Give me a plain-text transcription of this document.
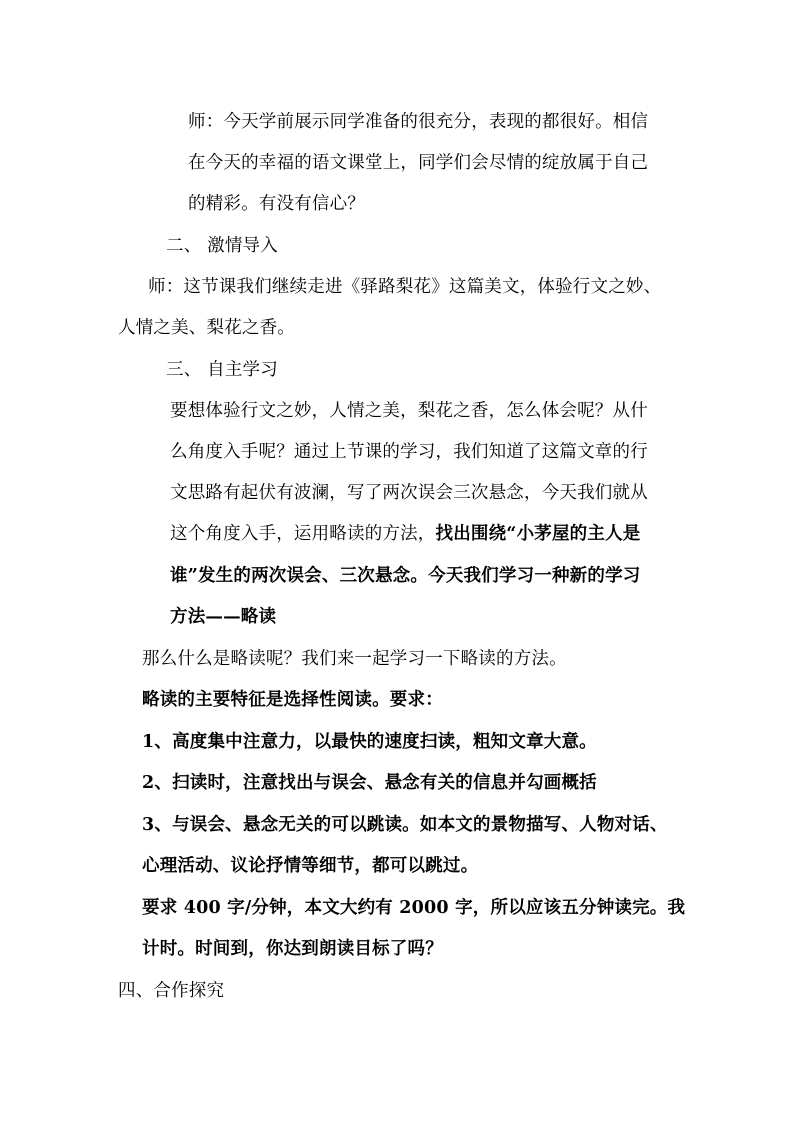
师：今天学前展示同学准备的很充分，表现的都很好。相信
在今天的幸福的语文课堂上，同学们会尽情的绽放属于自己
的精彩。有没有信心？
二、 激情导入
师：这节课我们继续走进《驿路梨花》这篇美文，体验行文之妙、
人情之美、梨花之香。
三、 自主学习
要想体验行文之妙，人情之美，梨花之香，怎么体会呢？从什
么角度入手呢？通过上节课的学习，我们知道了这篇文章的行
文思路有起伏有波澜，写了两次误会三次悬念，今天我们就从
这个角度入手，运用略读的方法，找出围绕“小茅屋的主人是
谁”发生的两次误会、三次悬念。今天我们学习一种新的学习
方法——略读
那么什么是略读呢？我们来一起学习一下略读的方法。
略读的主要特征是选择性阅读。要求：
1、高度集中注意力，以最快的速度扫读，粗知文章大意。
2、扫读时，注意找出与误会、悬念有关的信息并勾画概括
3、与误会、悬念无关的可以跳读。如本文的景物描写、人物对话、
心理活动、议论抒情等细节，都可以跳过。
要求 400 字/分钟，本文大约有 2000 字，所以应该五分钟读完。我
计时。时间到，你达到朗读目标了吗？
四、合作探究
